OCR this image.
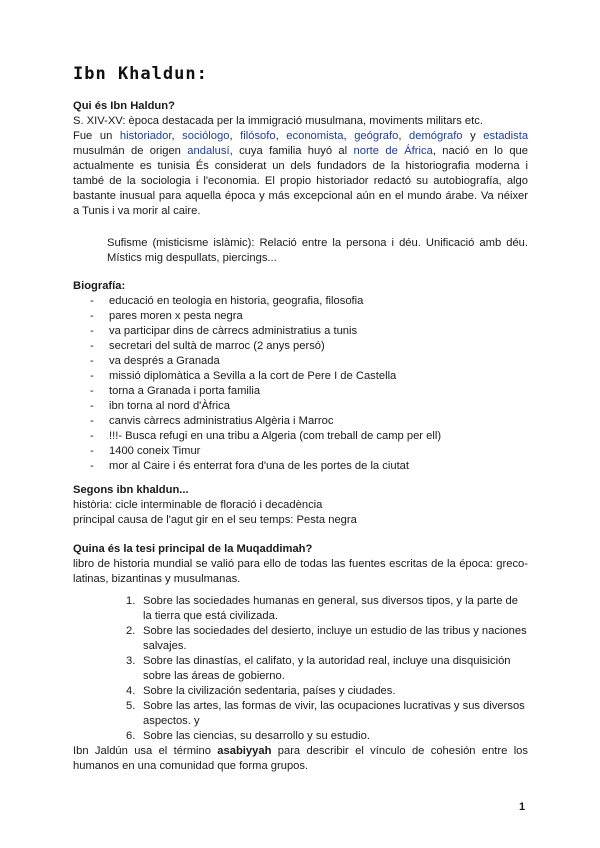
Ibn Khaldun:
Qui és Ibn Haldun?
S. XIV-XV: època destacada per la immigració musulmana, moviments militars etc.
Fue un historiador, sociólogo, filósofo, economista, geógrafo, demógrafo y estadista musulmán de origen andalusí, cuya familia huyó al norte de África, nació en lo que actualmente es tunisia És considerat un dels fundadors de la historiografia moderna i també de la sociologia i l'economia. El propio historiador redactó su autobiografía, algo bastante inusual para aquella época y más excepcional aún en el mundo árabe. Va néixer a Tunis i va morir al caire.
Sufisme (misticisme islàmic): Relació entre la persona i déu. Unificació amb déu. Místics mig despullats, piercings...
Biografía:
- educació en teologia en historia, geografia, filosofia
- pares moren x pesta negra
- va participar dins de càrrecs administratius a tunis
- secretari del sultà de marroc (2 anys persó)
- va després a Granada
- missió diplomàtica a Sevilla a la cort de Pere I de Castella
- torna a Granada i porta familia
- ibn torna al nord d'Àfrica
- canvis càrrecs administratius Algèria i Marroc
- !!!- Busca refugi en una tribu a Algeria (com treball de camp per ell)
- 1400 coneix Timur
- mor al Caire i és enterrat fora d'una de les portes de la ciutat
Segons ibn khaldun...
història: cicle interminable de floració i decadència
principal causa de l'agut gir en el seu temps: Pesta negra
Quina és la tesi principal de la Muqaddimah?
libro de historia mundial se valió para ello de todas las fuentes escritas de la época: greco-latinas, bizantinas y musulmanas.
1. Sobre las sociedades humanas en general, sus diversos tipos, y la parte de la tierra que está civilizada.
2. Sobre las sociedades del desierto, incluye un estudio de las tribus y naciones salvajes.
3. Sobre las dinastías, el califato, y la autoridad real, incluye una disquisición sobre las áreas de gobierno.
4. Sobre la civilización sedentaria, países y ciudades.
5. Sobre las artes, las formas de vivir, las ocupaciones lucrativas y sus diversos aspectos. y
6. Sobre las ciencias, su desarrollo y su estudio.
Ibn Jaldún usa el término asabiyyah para describir el vínculo de cohesión entre los humanos en una comunidad que forma grupos.
1
